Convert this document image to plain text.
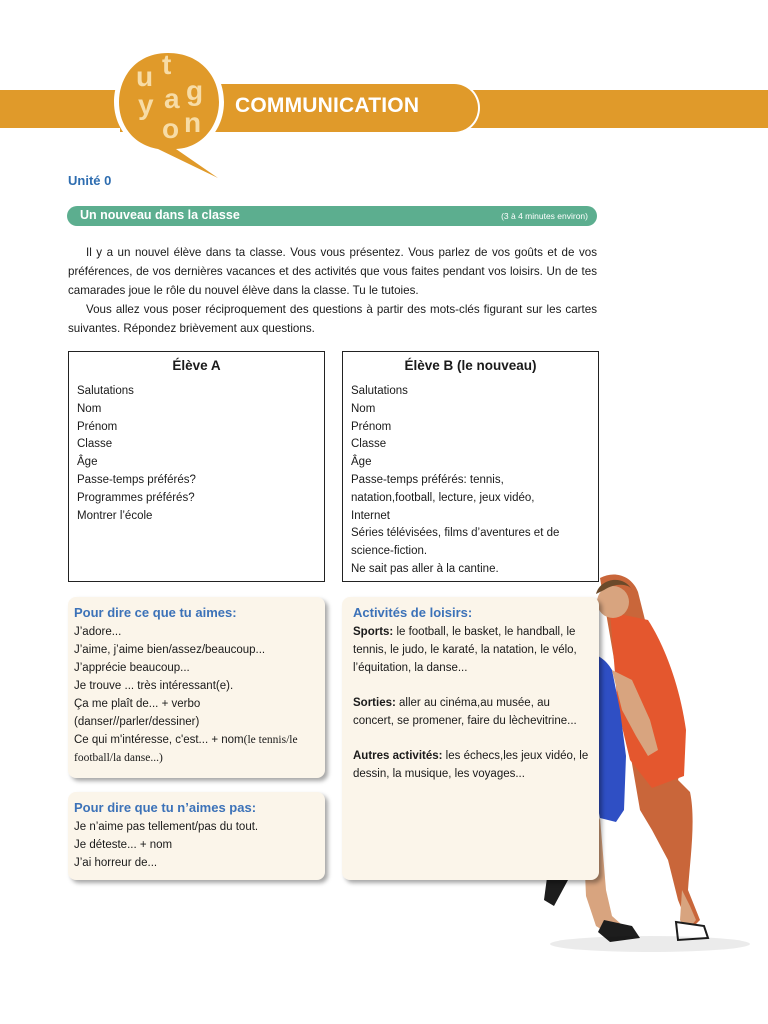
COMMUNICATION
u t
y a g
o n
Unité 0
Un nouveau dans la classe	(3 à 4 minutes environ)

Il y a un nouvel élève dans ta classe. Vous vous présentez. Vous parlez de vos goûts et de vos préférences, de vos dernières vacances et des activités que vous faites pendant vos loisirs. Un de tes camarades joue le rôle du nouvel élève dans la classe. Tu le tutoies.

Vous allez vous poser réciproquement des questions à partir des mots-clés figurant sur les cartes suivantes. Répondez brièvement aux questions.

Élève A
Salutations
Nom
Prénom
Classe
Âge
Passe-temps préférés?
Programmes préférés?
Montrer l’école
Élève B (le nouveau)
Salutations
Nom
Prénom
Classe
Âge
Passe-temps préférés: tennis,
natation,football, lecture, jeux vidéo,
Internet
Séries télévisées, films d’aventures et de
science-fiction.
Ne sait pas aller à la cantine.
Pour dire ce que tu aimes:
J’adore...
J’aime, j’aime bien/assez/beaucoup...
J’apprécie beaucoup...
Je trouve ... très intéressant(e).
Ça me plaît de... + verbo
(danser//parler/dessiner)
Ce qui m'intéresse, c'est... + nom(le tennis/le
football/la danse...)
Pour dire que tu n’aimes pas:
Je n’aime pas tellement/pas du tout.
Je déteste... + nom
J’ai horreur de...
Activités de loisirs:

Sports: le football, le basket, le handball, le tennis, le judo, le karaté, la natation, le vélo, l’équitation, la danse...

Sorties: aller au cinéma,au musée, au concert, se promener, faire du lèchevitrine...

Autres activités: les échecs,les jeux vidéo, le dessin, la musique, les voyages...
